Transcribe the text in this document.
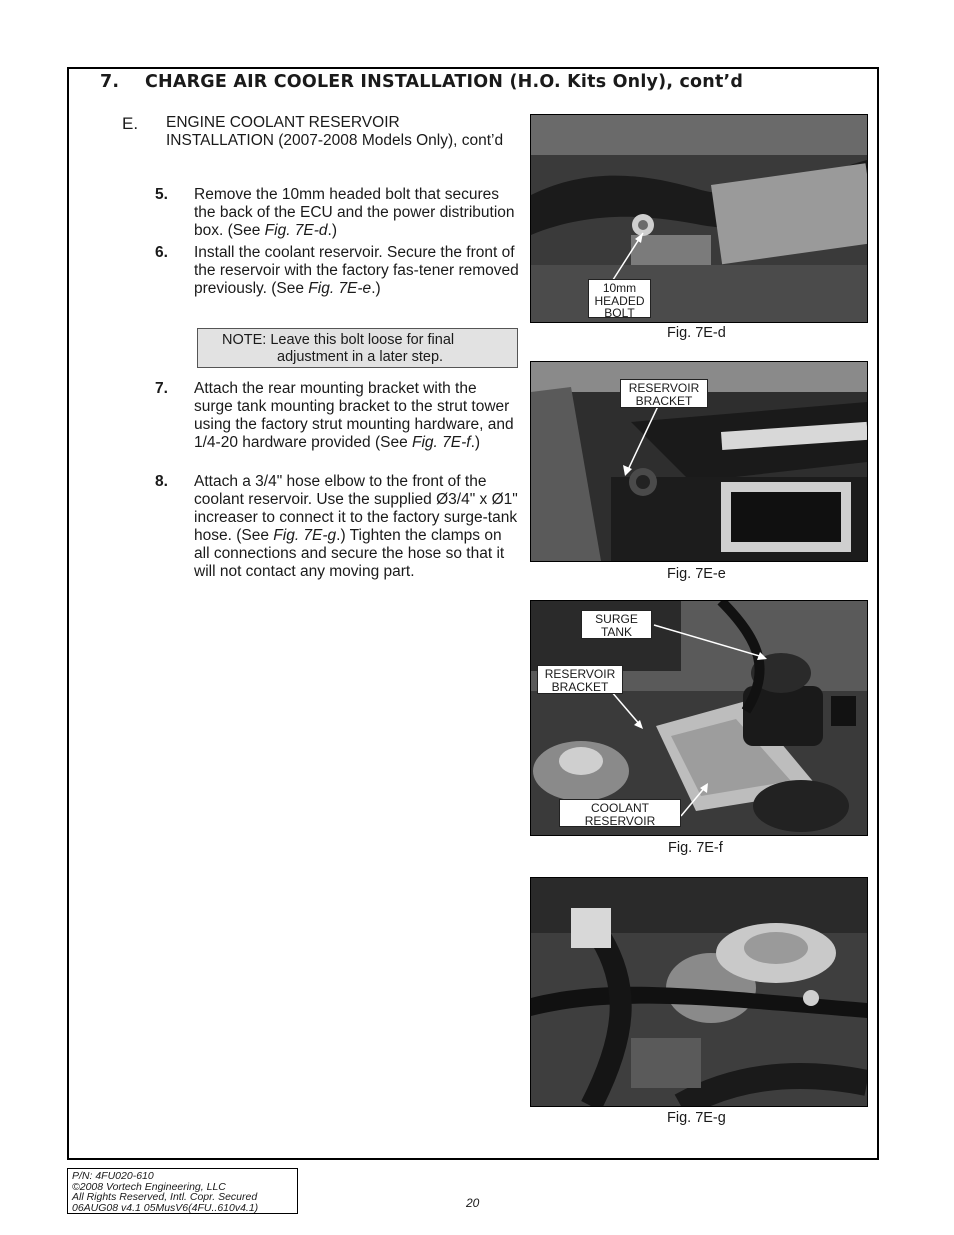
7. CHARGE AIR COOLER INSTALLATION (H.O. Kits Only), cont’d
E. ENGINE COOLANT RESERVOIR INSTALLATION (2007-2008 Models Only), cont’d
5. Remove the 10mm headed bolt that secures the back of the ECU and the power distribution box. (See Fig. 7E-d.)
6. Install the coolant reservoir. Secure the front of the reservoir with the factory fas-tener removed previously. (See Fig. 7E-e.)
NOTE: Leave this bolt loose for final
adjustment in a later step.
7. Attach the rear mounting bracket with the surge tank mounting bracket to the strut tower using the factory strut mounting hardware, and 1/4-20 hardware provided (See Fig. 7E-f.)
8. Attach a 3/4" hose elbow to the front of the coolant reservoir. Use the supplied Ø3/4" x Ø1" increaser to connect it to the factory surge-tank hose. (See Fig. 7E-g.) Tighten the clamps on all connections and secure the hose so that it will not contact any moving part.
10mm
HEADED
BOLT
Fig. 7E-d
RESERVOIR
BRACKET
Fig. 7E-e
SURGE
TANK
RESERVOIR
BRACKET
COOLANT
RESERVOIR
Fig. 7E-f
Fig. 7E-g
P/N: 4FU020-610
©2008 Vortech Engineering, LLC
All Rights Reserved, Intl. Copr. Secured
06AUG08 v4.1 05MusV6(4FU..610v4.1)	20
